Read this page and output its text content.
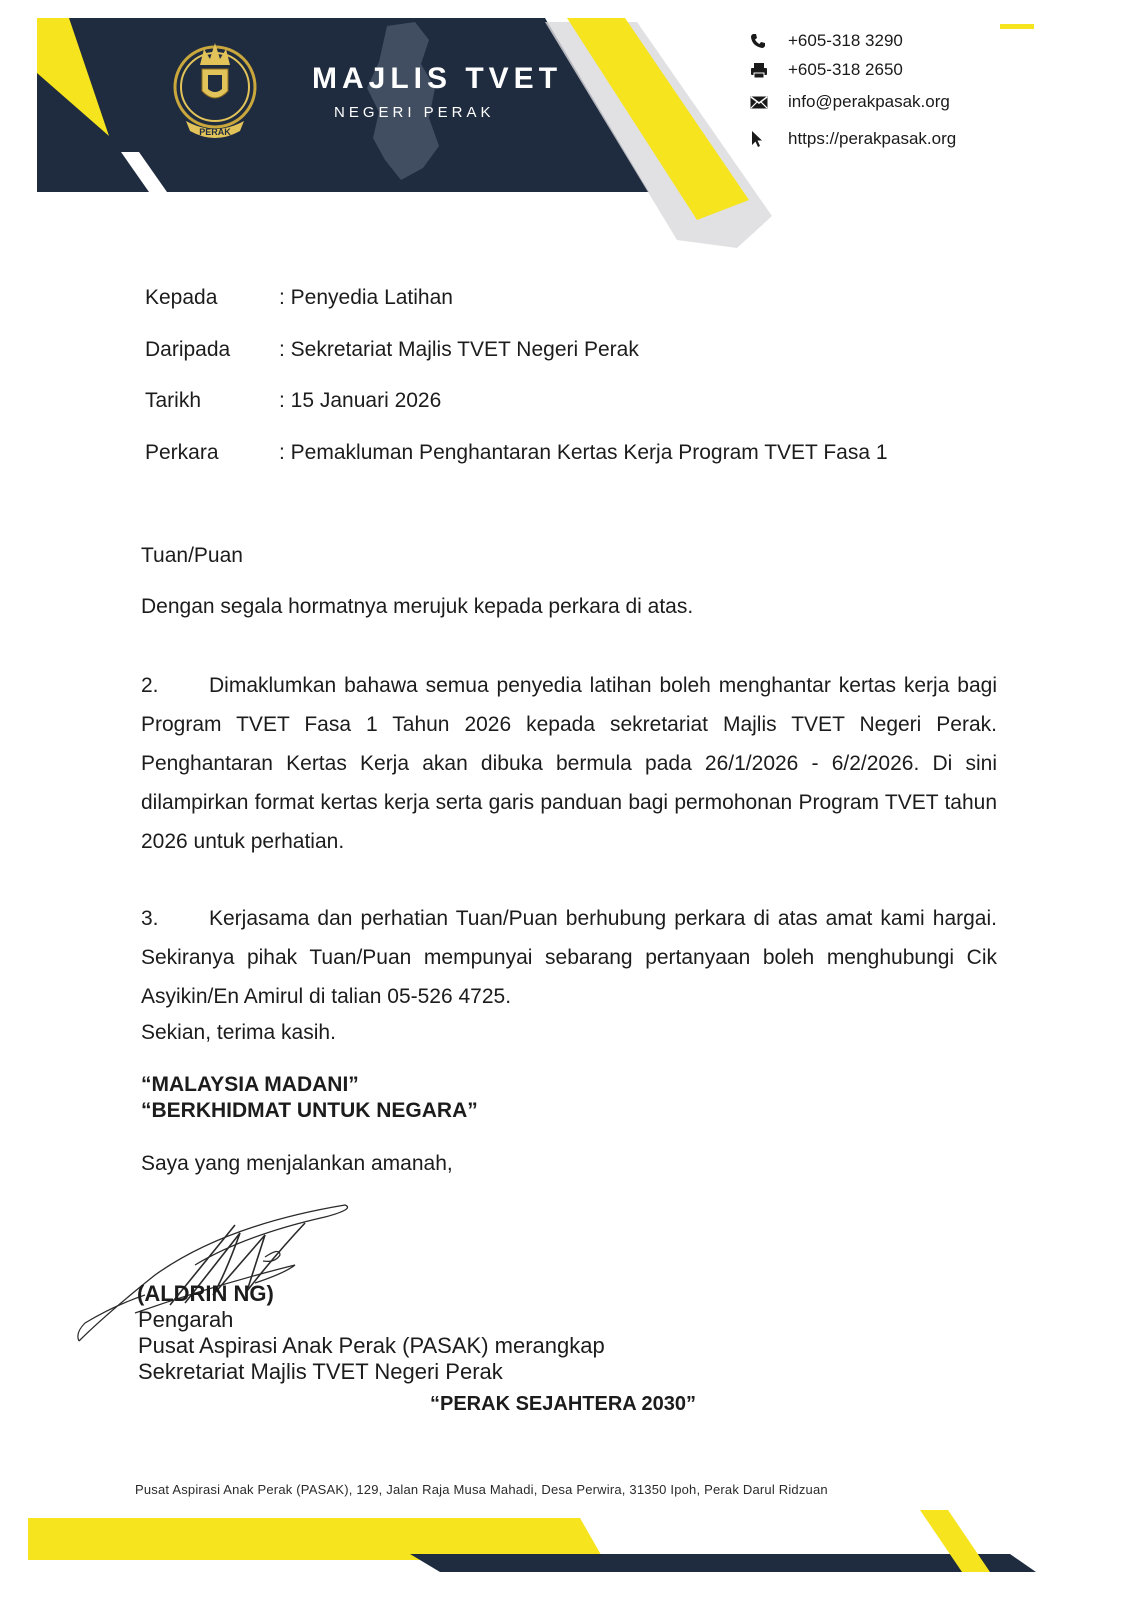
PERAK
MAJLIS TVET
NEGERI PERAK
+605-318 3290
+605-318 2650
info@perakpasak.org
https://perakpasak.org
Kepada	: Penyedia Latihan
Daripada : Sekretariat Majlis TVET Negeri Perak
Tarikh	: 15 Januari 2026
Perkara	: Pemakluman Penghantaran Kertas Kerja Program TVET Fasa 1
Tuan/Puan
Dengan segala hormatnya merujuk kepada perkara di atas.
2. Dimaklumkan bahawa semua penyedia latihan boleh menghantar kertas kerja bagi Program TVET Fasa 1 Tahun 2026 kepada sekretariat Majlis TVET Negeri Perak. Penghantaran Kertas Kerja akan dibuka bermula pada 26/1/2026 - 6/2/2026. Di sini dilampirkan format kertas kerja serta garis panduan bagi permohonan Program TVET tahun 2026 untuk perhatian.
3. Kerjasama dan perhatian Tuan/Puan berhubung perkara di atas amat kami hargai. Sekiranya pihak Tuan/Puan mempunyai sebarang pertanyaan boleh menghubungi Cik Asyikin/En Amirul di talian 05-526 4725.
Sekian, terima kasih.
“MALAYSIA MADANI”
“BERKHIDMAT UNTUK NEGARA”
Saya yang menjalankan amanah,
(ALDRIN NG)
Pengarah
Pusat Aspirasi Anak Perak (PASAK) merangkap
Sekretariat Majlis TVET Negeri Perak
“PERAK SEJAHTERA 2030”
Pusat Aspirasi Anak Perak (PASAK), 129, Jalan Raja Musa Mahadi, Desa Perwira, 31350 Ipoh, Perak Darul Ridzuan
